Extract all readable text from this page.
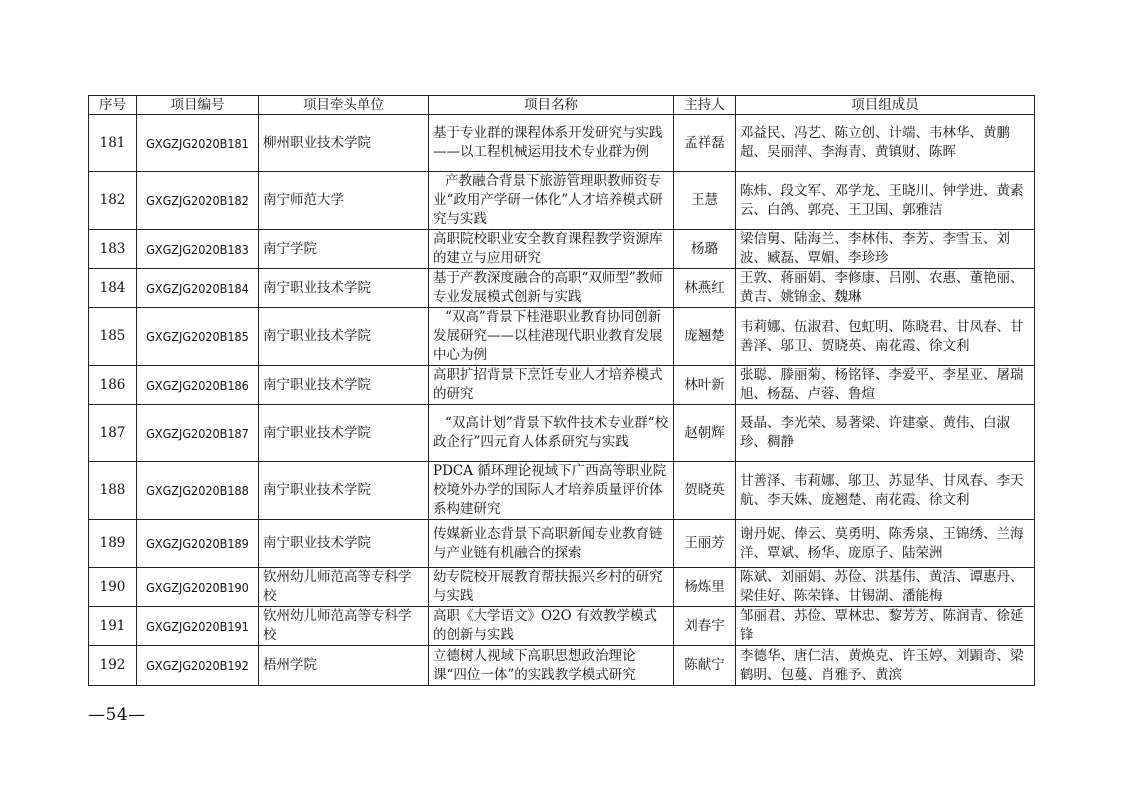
序号	项目编号	项目牵头单位	项目名称	主持人	项目组成员
181	GXGZJG2020B181	柳州职业技术学院	基于专业群的课程体系开发研究与实践——以工程机械运用技术专业群为例	孟祥磊	邓益民、冯艺、陈立创、计端、韦林华、黄鹏超、吴丽萍、李海青、黄镇财、陈晖
182	GXGZJG2020B182	南宁师范大学	产教融合背景下旅游管理职教师资专业“政用产学研一体化”人才培养模式研究与实践	王慧	陈炜、段文军、邓学龙、王晓川、钟学进、黄素云、白鸽、郭亮、王卫国、郭雅洁
183	GXGZJG2020B183	南宁学院	高职院校职业安全教育课程教学资源库的建立与应用研究	杨璐	梁信舅、陆海兰、李林伟、李芳、李雪玉、刘波、臧磊、覃媚、李珍珍
184	GXGZJG2020B184	南宁职业技术学院	基于产教深度融合的高职“双师型”教师专业发展模式创新与实践	林燕红	王敦、蒋丽娟、李修康、吕刚、农惠、董艳丽、黄吉、姚锦金、魏琳
185	GXGZJG2020B185	南宁职业技术学院	“双高”背景下桂港职业教育协同创新发展研究——以桂港现代职业教育发展中心为例	庞翘楚	韦莉娜、伍淑君、包虹明、陈晓君、甘凤春、甘善泽、邬卫、贺晓英、南花霞、徐文利
186	GXGZJG2020B186	南宁职业技术学院	高职扩招背景下烹饪专业人才培养模式的研究	林叶新	张聪、滕丽菊、杨铭铎、李爱平、李星亚、屠瑞旭、杨磊、卢蓉、鲁煊
187	GXGZJG2020B187	南宁职业技术学院	“双高计划”背景下软件技术专业群“校政企行”四元育人体系研究与实践	赵朝辉	聂晶、李光荣、易著梁、许建豪、黄伟、白淑珍、稠静
188	GXGZJG2020B188	南宁职业技术学院	PDCA 循环理论视域下广西高等职业院校境外办学的国际人才培养质量评价体系构建研究	贺晓英	甘善泽、韦莉娜、邬卫、苏显华、甘凤春、李天航、李天姝、庞翘楚、南花霞、徐文利
189	GXGZJG2020B189	南宁职业技术学院	传媒新业态背景下高职新闻专业教育链与产业链有机融合的探索	王丽芳	谢丹妮、俸云、莫勇明、陈秀泉、王锦绣、兰海洋、覃斌、杨华、庞原子、陆荣洲
190	GXGZJG2020B190	钦州幼儿师范高等专科学校	幼专院校开展教育帮扶振兴乡村的研究与实践	杨炼里	陈斌、刘丽娟、苏俭、洪基伟、黄洁、谭惠丹、梁佳好、陈荣锋、甘锡湖、潘能梅
191	GXGZJG2020B191	钦州幼儿师范高等专科学校	高职《大学语文》O2O 有效教学模式的创新与实践	刘春宇	邹丽君、苏俭、覃林忠、黎芳芳、陈润青、徐延锋
192	GXGZJG2020B192	梧州学院	立德树人视域下高职思想政治理论课“四位一体”的实践教学模式研究	陈献宁	李德华、唐仁洁、黄焕克、许玉婷、刘顕奇、梁鹤明、包蔓、肖雅予、黄滨
—54—
